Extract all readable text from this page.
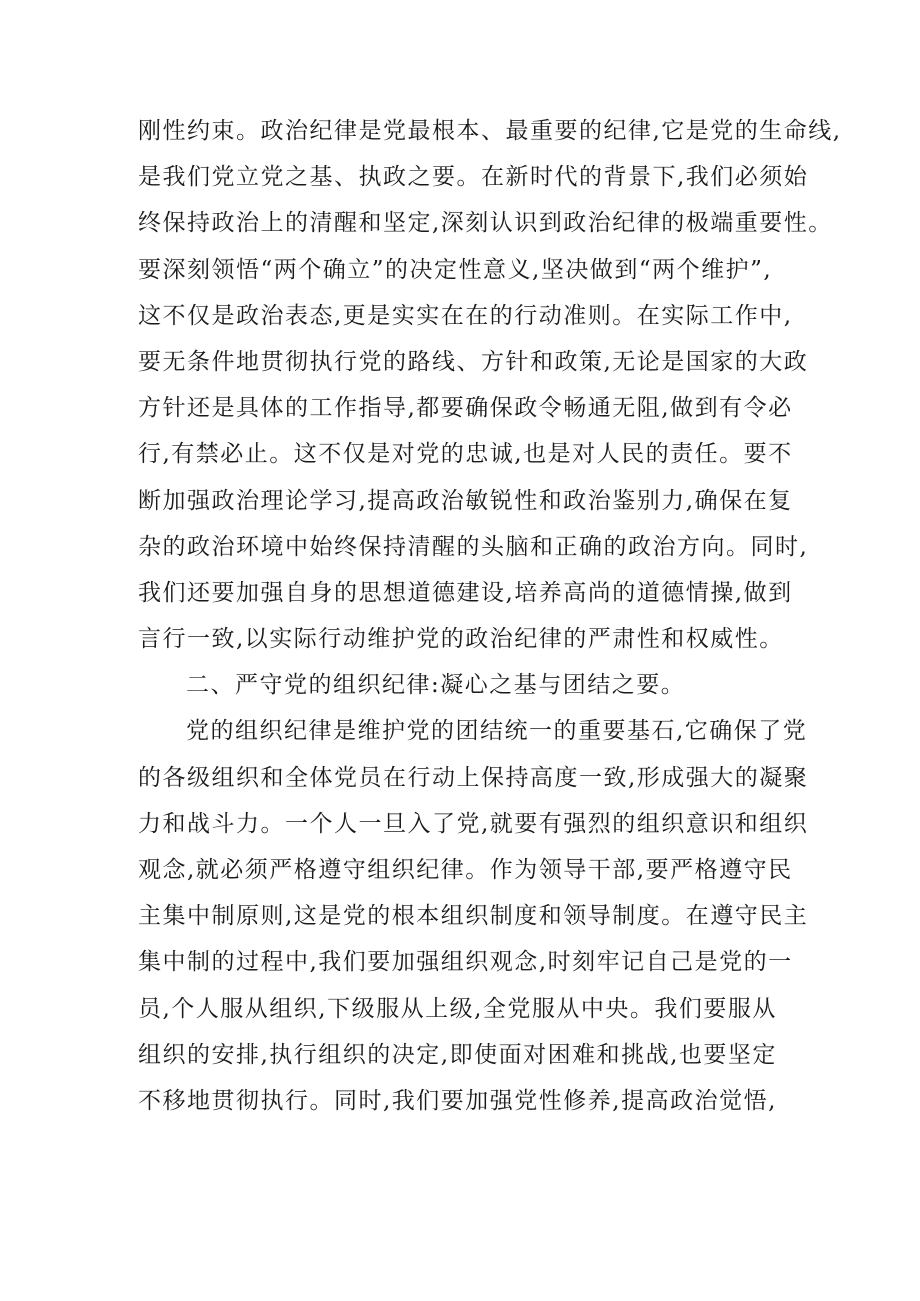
刚性约束。政治纪律是党最根本、最重要的纪律,它是党的生命线,
是我们党立党之基、执政之要。在新时代的背景下,我们必须始
终保持政治上的清醒和坚定,深刻认识到政治纪律的极端重要性。
要深刻领悟“两个确立”的决定性意义,坚决做到“两个维护”,
这不仅是政治表态,更是实实在在的行动准则。在实际工作中,
要无条件地贯彻执行党的路线、方针和政策,无论是国家的大政
方针还是具体的工作指导,都要确保政令畅通无阻,做到有令必
行,有禁必止。这不仅是对党的忠诚,也是对人民的责任。要不
断加强政治理论学习,提高政治敏锐性和政治鉴别力,确保在复
杂的政治环境中始终保持清醒的头脑和正确的政治方向。同时,
我们还要加强自身的思想道德建设,培养高尚的道德情操,做到
言行一致,以实际行动维护党的政治纪律的严肃性和权威性。
二、严守党的组织纪律:凝心之基与团结之要。
党的组织纪律是维护党的团结统一的重要基石,它确保了党
的各级组织和全体党员在行动上保持高度一致,形成强大的凝聚
力和战斗力。一个人一旦入了党,就要有强烈的组织意识和组织
观念,就必须严格遵守组织纪律。作为领导干部,要严格遵守民
主集中制原则,这是党的根本组织制度和领导制度。在遵守民主
集中制的过程中,我们要加强组织观念,时刻牢记自己是党的一
员,个人服从组织,下级服从上级,全党服从中央。我们要服从
组织的安排,执行组织的决定,即使面对困难和挑战,也要坚定
不移地贯彻执行。同时,我们要加强党性修养,提高政治觉悟,
